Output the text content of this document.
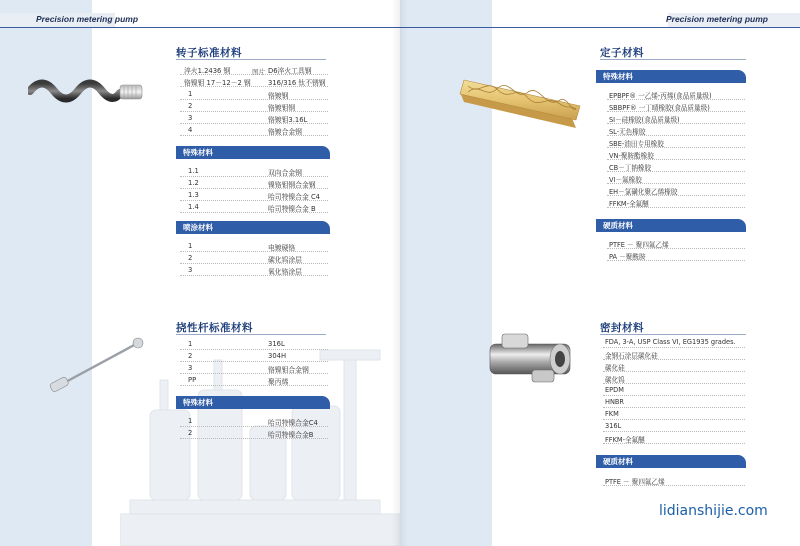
Precision metering pump
转子标准材料
淬火1.2436 钢	D6淬火工具钢
铬镍钼 17－12－2 钢	316/316 钛不锈钢
图片
1	铬镀钢
2	铬镀钼钢
3	铬镀钼3.16L
4	铬镀合金钢
特殊材料
1.1	双向合金钢
1.2	镍铬钼钢合金钢
1.3	哈司特镍合金 C4
1.4	哈司特镍合金 B
喷涂材料
1	电镀硬铬
2	碳化钨涂层
3	氧化铬涂层
挠性杆标准材料
1	316L
2	304H
3	铬镍钼合金钢
PP	聚丙烯
特殊材料
1	哈司特镍合金C4
2	哈司特镍合金B
Precision metering pump
定子材料
特殊材料
EPBPF® 一乙烯-丙烯(食品质量级)
SBBPF® 一丁晴橡胶(食品质量级)
SI－硅橡胶(食品质量级)
SL-无色橡胶
SBE-油田专用橡胶
VN-聚胺酯橡胶
CB－丁钠橡胶
VI－氟橡胶
EH－氯磺化聚乙烯橡胶
FFKM-全氟醚
硬质材料
PTFE － 聚四氟乙烯
PA －聚酰胺
密封材料
FDA, 3-A, USP Class VI, EG1935 grades.
金钢石涂层碳化硅
碳化硅
碳化钨
EPDM
HNBR
FKM
316L
FFKM-全氟醚
硬质材料
PTFE － 聚四氟乙烯
lidianshijie.com
